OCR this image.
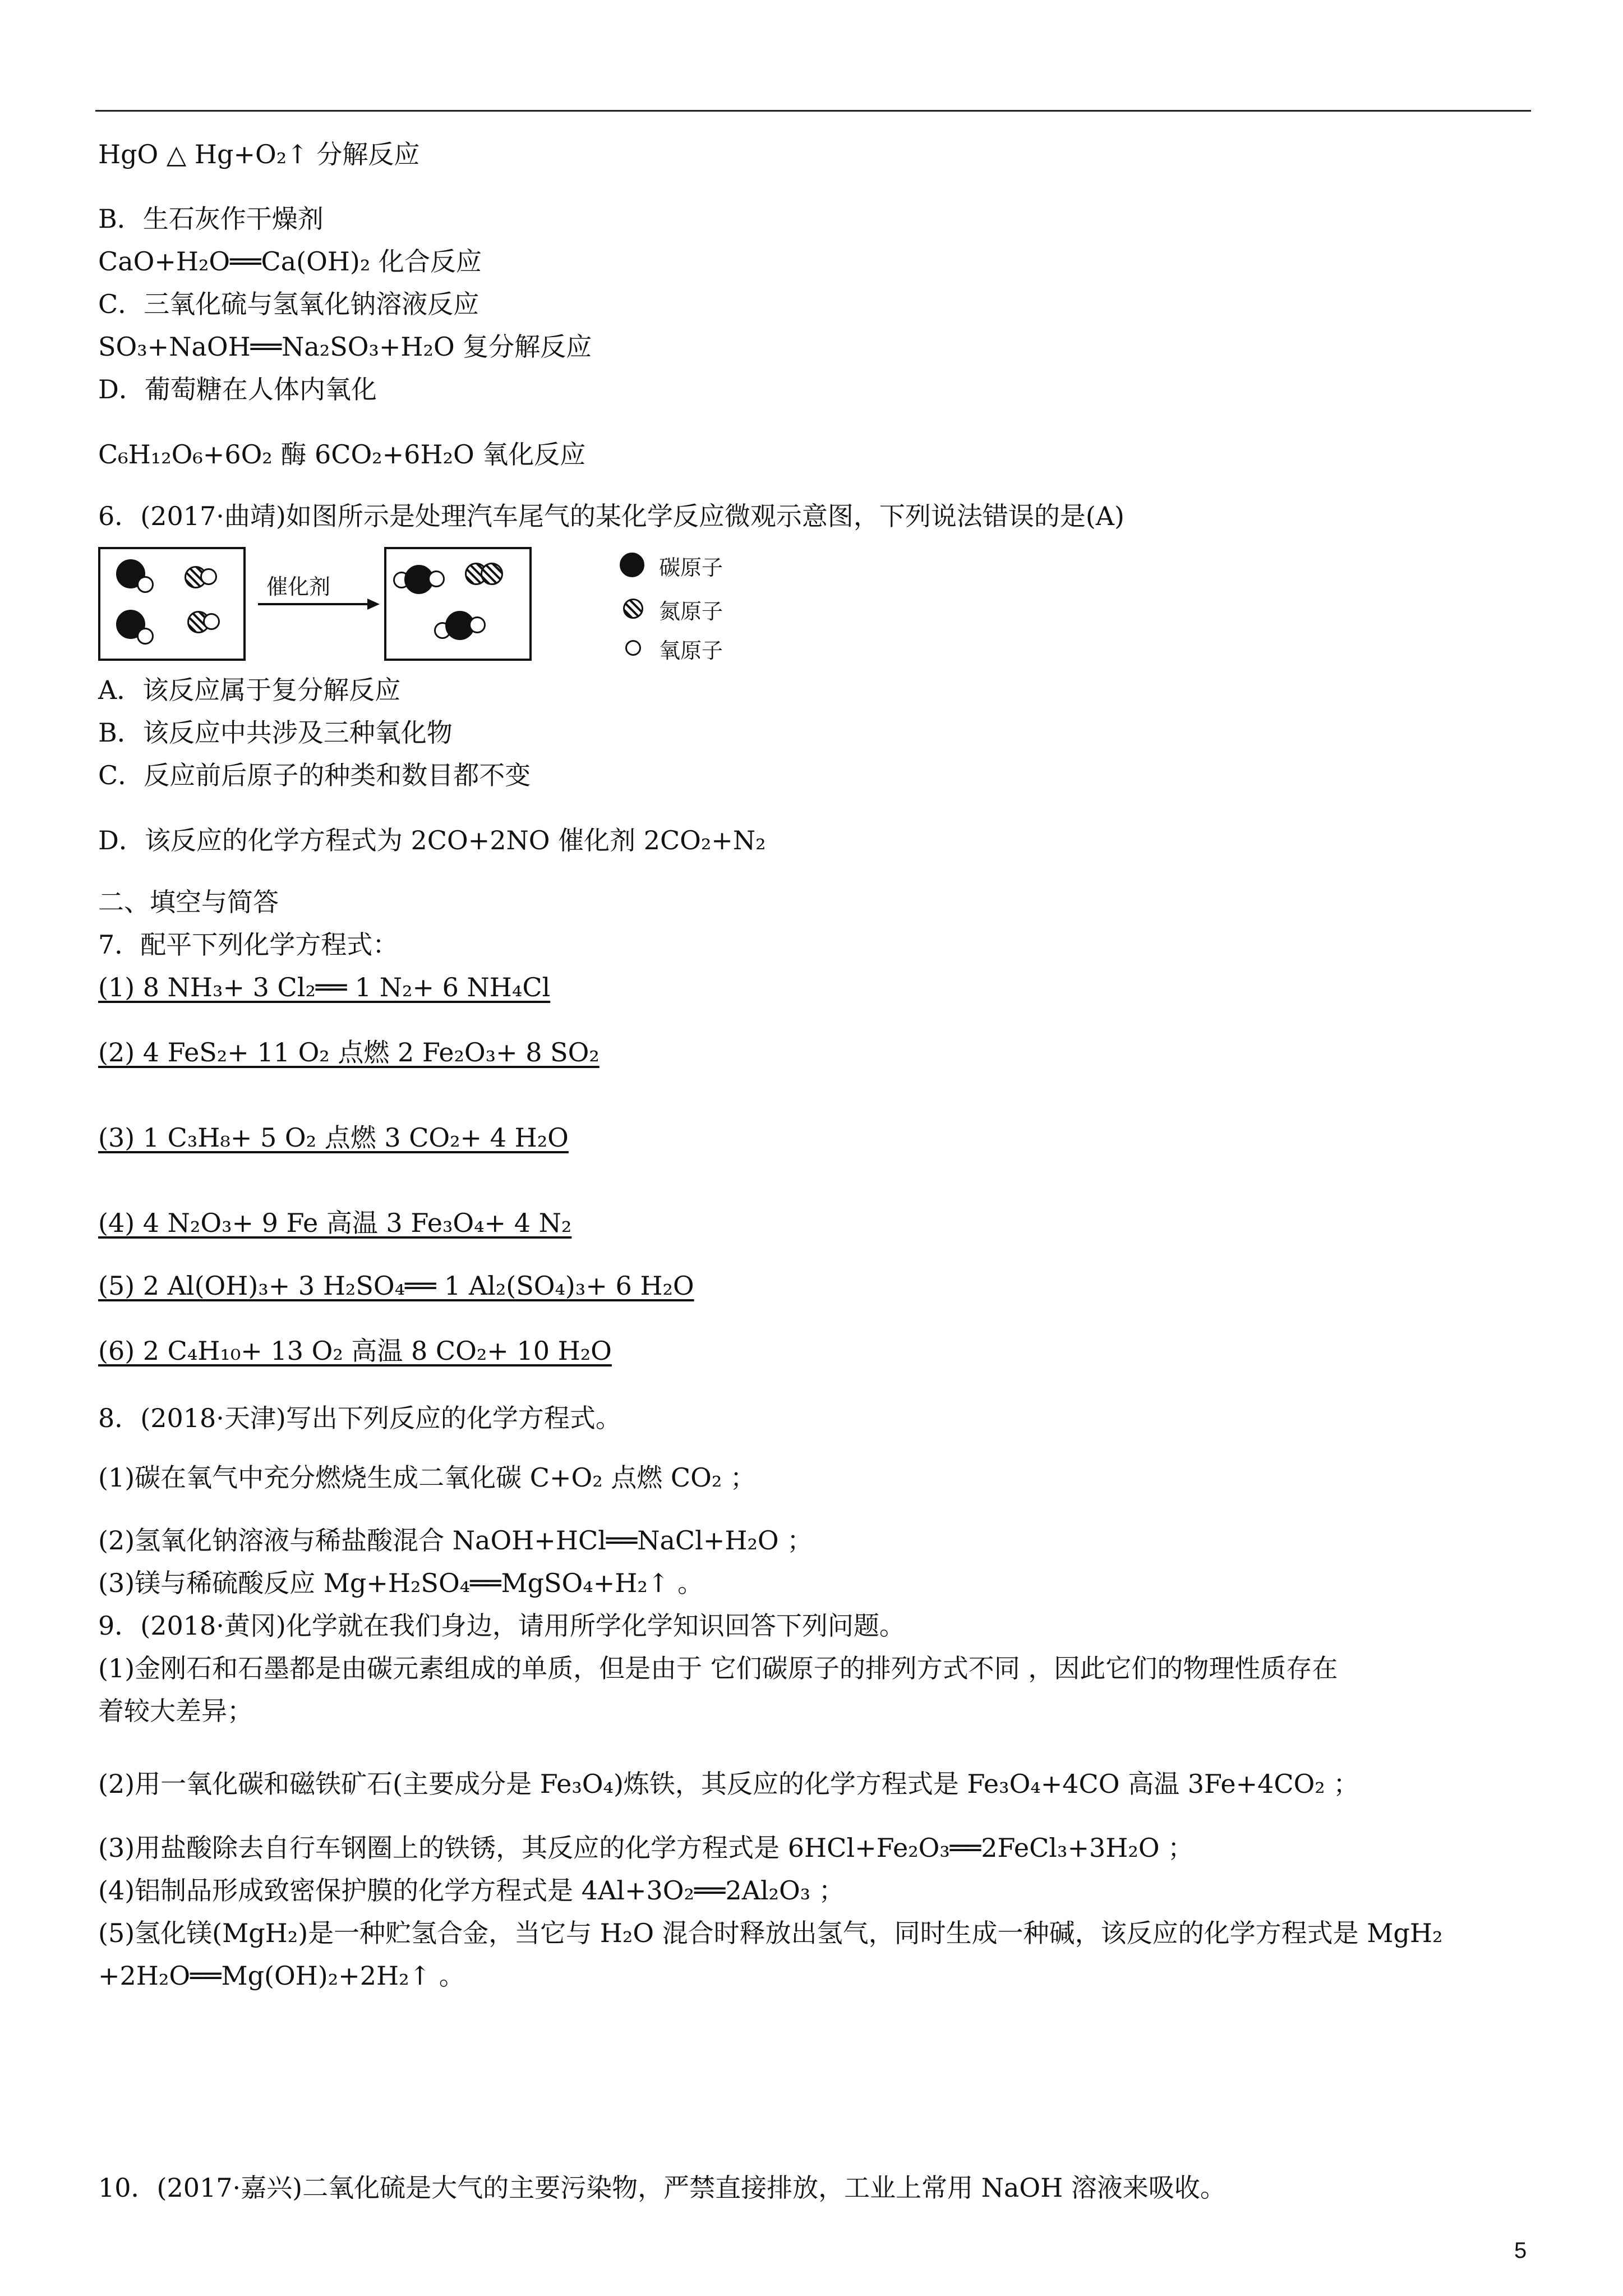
HgO △ Hg+O₂↑ 分解反应
B．生石灰作干燥剂
CaO+H₂O══Ca(OH)₂ 化合反应
C．三氧化硫与氢氧化钠溶液反应
SO₃+NaOH══Na₂SO₃+H₂O 复分解反应
D．葡萄糖在人体内氧化
C₆H₁₂O₆+6O₂ 酶 6CO₂+6H₂O 氧化反应
6．(2017·曲靖)如图所示是处理汽车尾气的某化学反应微观示意图，下列说法错误的是(A)
催化剂
碳原子
氮原子
氧原子
A．该反应属于复分解反应
B．该反应中共涉及三种氧化物
C．反应前后原子的种类和数目都不变
D．该反应的化学方程式为 2CO+2NO 催化剂 2CO₂+N₂
二、填空与简答
7．配平下列化学方程式：
(1) 8 NH₃+ 3 Cl₂══ 1 N₂+ 6 NH₄Cl
(2) 4 FeS₂+ 11 O₂ 点燃 2 Fe₂O₃+ 8 SO₂
(3) 1 C₃H₈+ 5 O₂ 点燃 3 CO₂+ 4 H₂O
(4) 4 N₂O₃+ 9 Fe 高温 3 Fe₃O₄+ 4 N₂
(5) 2 Al(OH)₃+ 3 H₂SO₄══ 1 Al₂(SO₄)₃+ 6 H₂O
(6) 2 C₄H₁₀+ 13 O₂ 高温 8 CO₂+ 10 H₂O
8．(2018·天津)写出下列反应的化学方程式。
(1)碳在氧气中充分燃烧生成二氧化碳 C+O₂ 点燃 CO₂ ；
(2)氢氧化钠溶液与稀盐酸混合 NaOH+HCl══NaCl+H₂O ；
(3)镁与稀硫酸反应 Mg+H₂SO₄══MgSO₄+H₂↑ 。
9．(2018·黄冈)化学就在我们身边，请用所学化学知识回答下列问题。
(1)金刚石和石墨都是由碳元素组成的单质，但是由于 它们碳原子的排列方式不同 ，因此它们的物理性质存在
着较大差异；
(2)用一氧化碳和磁铁矿石(主要成分是 Fe₃O₄)炼铁，其反应的化学方程式是 Fe₃O₄+4CO 高温 3Fe+4CO₂ ；
(3)用盐酸除去自行车钢圈上的铁锈，其反应的化学方程式是 6HCl+Fe₂O₃══2FeCl₃+3H₂O ；
(4)铝制品形成致密保护膜的化学方程式是 4Al+3O₂══2Al₂O₃ ；
(5)氢化镁(MgH₂)是一种贮氢合金，当它与 H₂O 混合时释放出氢气，同时生成一种碱，该反应的化学方程式是 MgH₂
+2H₂O══Mg(OH)₂+2H₂↑ 。
10．(2017·嘉兴)二氧化硫是大气的主要污染物，严禁直接排放，工业上常用 NaOH 溶液来吸收。
5
